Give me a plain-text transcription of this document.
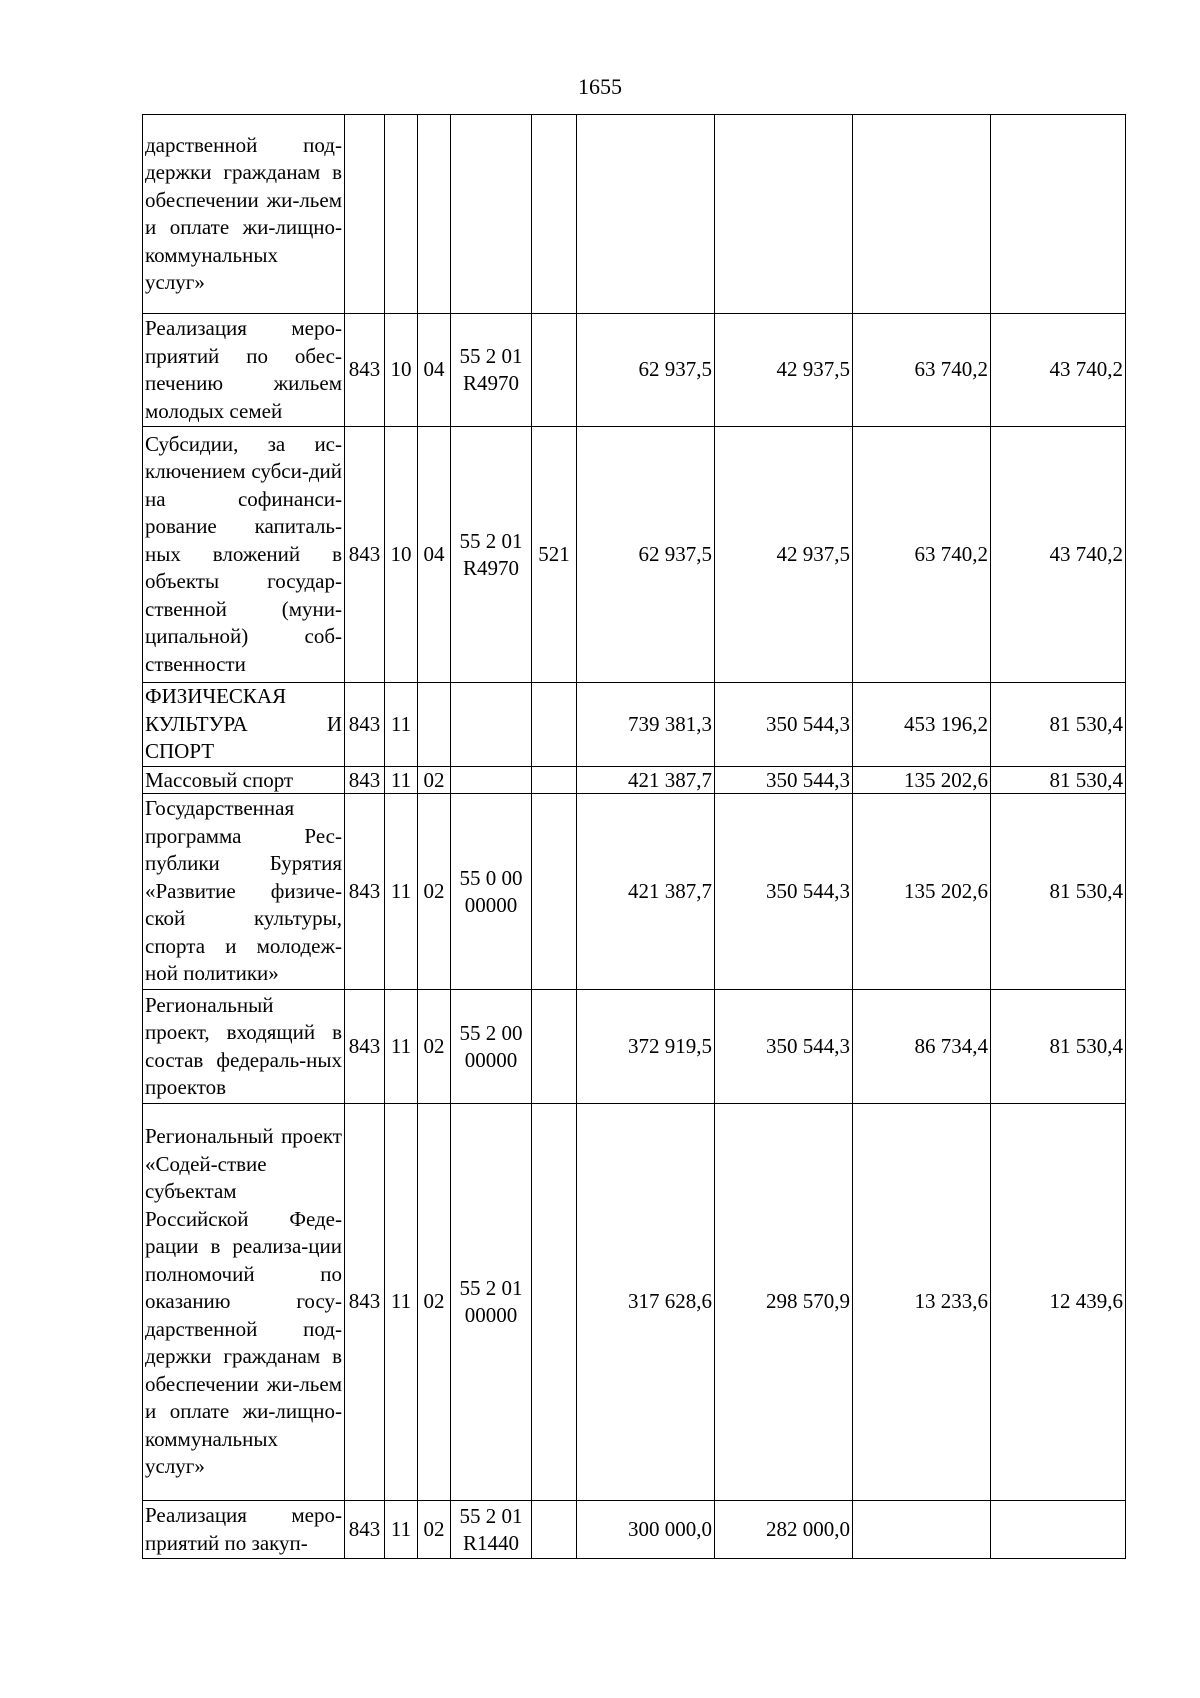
1655
дарственной под-держки гражданам в обеспечении жи-льем и оплате жи-лищно-коммунальных услуг»									
Реализация меро-приятий по обес-печению жильем молодых семей	843	10	04	55 2 01 R4970		62 937,5	42 937,5	63 740,2	43 740,2
Субсидии, за ис-ключением субси-дий на софинанси-рование капиталь-ных вложений в объекты государ-ственной (муни-ципальной) соб-ственности	843	10	04	55 2 01 R4970	521	62 937,5	42 937,5	63 740,2	43 740,2
ФИЗИЧЕСКАЯ КУЛЬТУРА И СПОРТ	843	11				739 381,3	350 544,3	453 196,2	81 530,4
Массовый спорт	843	11	02			421 387,7	350 544,3	135 202,6	81 530,4
Государственная программа Рес-публики Бурятия «Развитие физиче-ской культуры, спорта и молодеж-ной политики»	843	11	02	55 0 00 00000		421 387,7	350 544,3	135 202,6	81 530,4
Региональный проект, входящий в состав федераль-ных проектов	843	11	02	55 2 00 00000		372 919,5	350 544,3	86 734,4	81 530,4
Региональный проект «Содей-ствие субъектам Российской Феде-рации в реализа-ции полномочий по оказанию госу-дарственной под-держки гражданам в обеспечении жи-льем и оплате жи-лищно-коммунальных услуг»	843	11	02	55 2 01 00000		317 628,6	298 570,9	13 233,6	12 439,6
Реализация меро-приятий по закуп-	843	11	02	55 2 01 R1440		300 000,0	282 000,0		
